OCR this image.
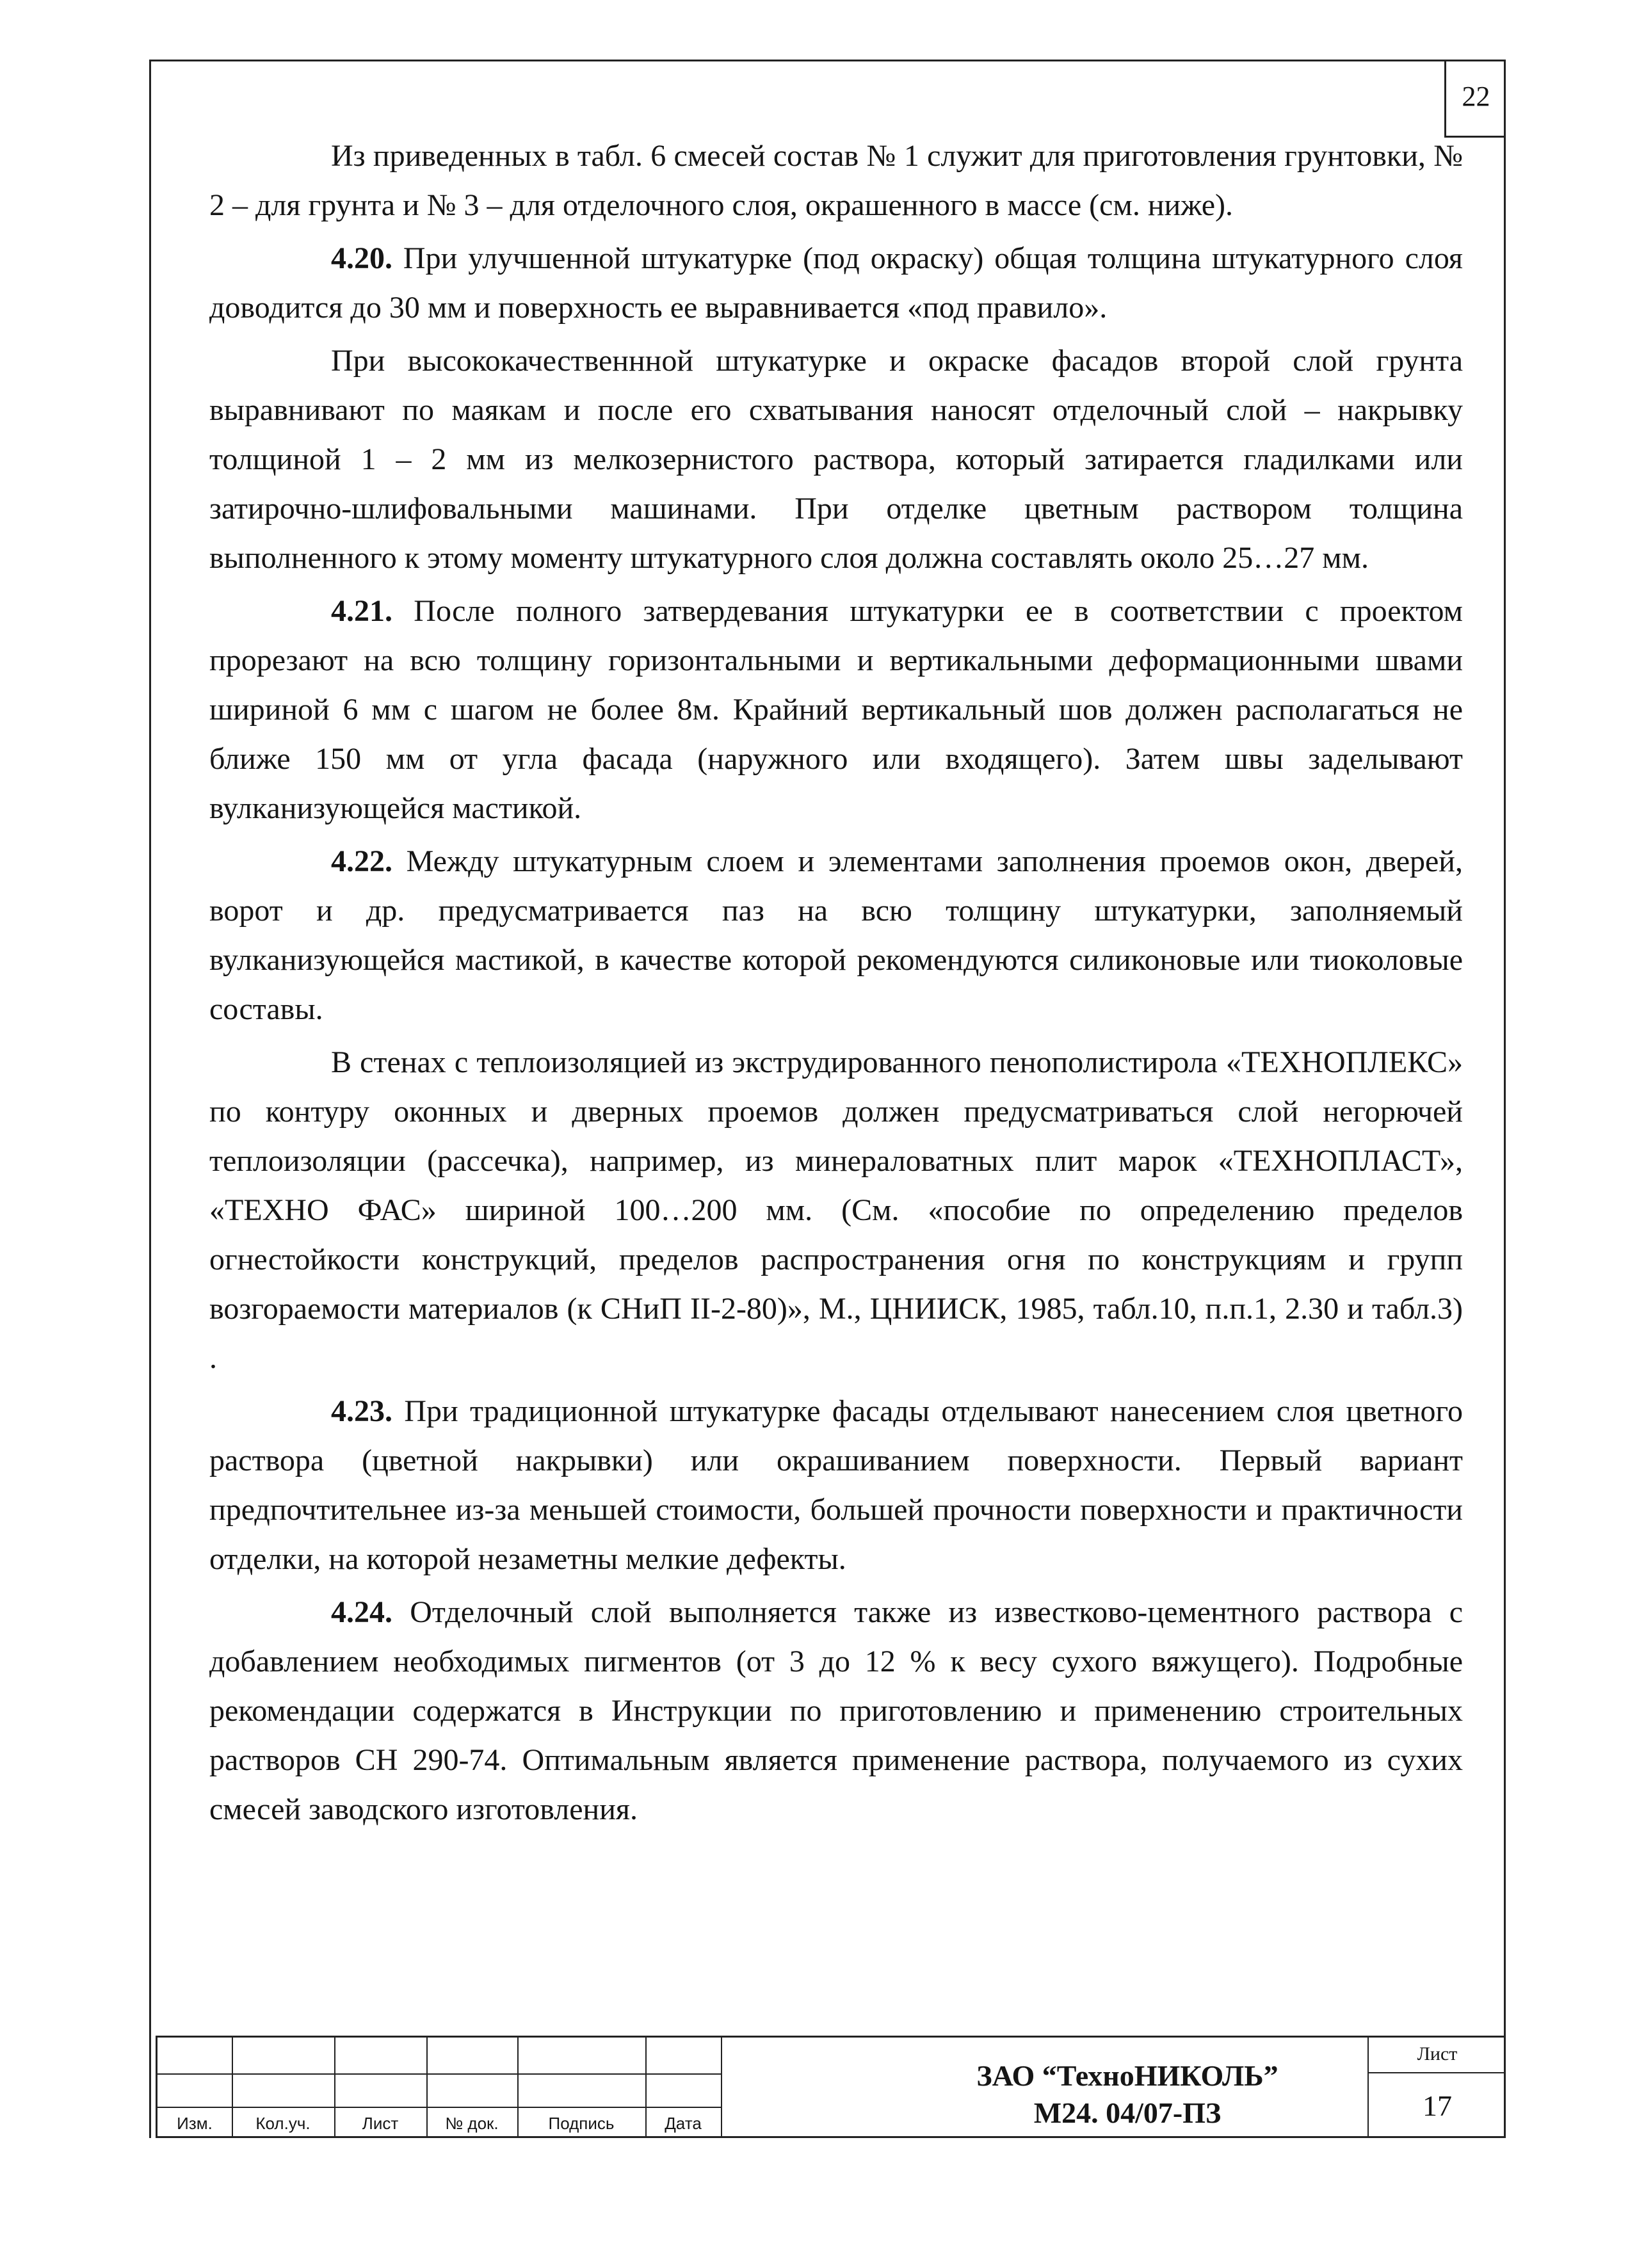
22

Из приведенных в табл. 6 смесей состав № 1 служит для приготовления грунтовки, № 2 – для грунта и № 3 – для отделочного слоя, окрашенного в массе (см. ниже).

4.20. При улучшенной штукатурке (под окраску) общая толщина штукатурного слоя доводится до 30 мм и поверхность ее выравнивается «под правило».

При высококачественнной штукатурке и окраске фасадов второй слой грунта выравнивают по маякам и после его схватывания наносят отделочный слой – накрывку толщиной 1 – 2 мм из мелкозернистого раствора, который затирается гладилками или затирочно-шлифовальными машинами. При отделке цветным раствором толщина выполненного к этому моменту штукатурного слоя должна составлять около 25…27 мм.

4.21. После полного затвердевания штукатурки ее в соответствии с проектом прорезают на всю толщину горизонтальными и вертикальными деформационными швами шириной 6 мм с шагом не более 8м. Крайний вертикальный шов должен располагаться не ближе 150 мм от угла фасада (наружного или входящего). Затем швы заделывают вулканизующейся мастикой.

4.22. Между штукатурным слоем и элементами заполнения проемов окон, дверей, ворот и др. предусматривается паз на всю толщину штукатурки, заполняемый вулканизующейся мастикой, в качестве которой рекомендуются силиконовые или тиоколовые составы.

В стенах с теплоизоляцией из экструдированного пенополистирола «ТЕХНОПЛЕКС» по контуру оконных и дверных проемов должен предусматриваться слой негорючей теплоизоляции (рассечка), например, из минераловатных плит марок «ТЕХНОПЛАСТ», «ТЕХНО ФАС» шириной 100…200 мм. (См. «пособие по определению пределов огнестойкости конструкций, пределов распространения огня по конструкциям и групп возгораемости материалов (к СНиП II-2-80)», М., ЦНИИСК, 1985, табл.10, п.п.1, 2.30 и табл.3) .

4.23. При традиционной штукатурке фасады отделывают нанесением слоя цветного раствора (цветной накрывки) или окрашиванием поверхности. Первый вариант предпочтительнее из-за меньшей стоимости, большей прочности поверхности и практичности отделки, на которой незаметны мелкие дефекты.

4.24. Отделочный слой выполняется также из известково-цементного раствора с добавлением необходимых пигментов (от 3 до 12 % к весу сухого вяжущего). Подробные рекомендации содержатся в Инструкции по приготовлению и применению строительных растворов СН 290-74. Оптимальным является применение раствора, получаемого из сухих смесей заводского изготовления.

Изм.	Кол.уч.	Лист	№ док.	Подпись	Дата
ЗАО “ТехноНИКОЛЬ”
М24. 04/07-ПЗ
Лист
17
